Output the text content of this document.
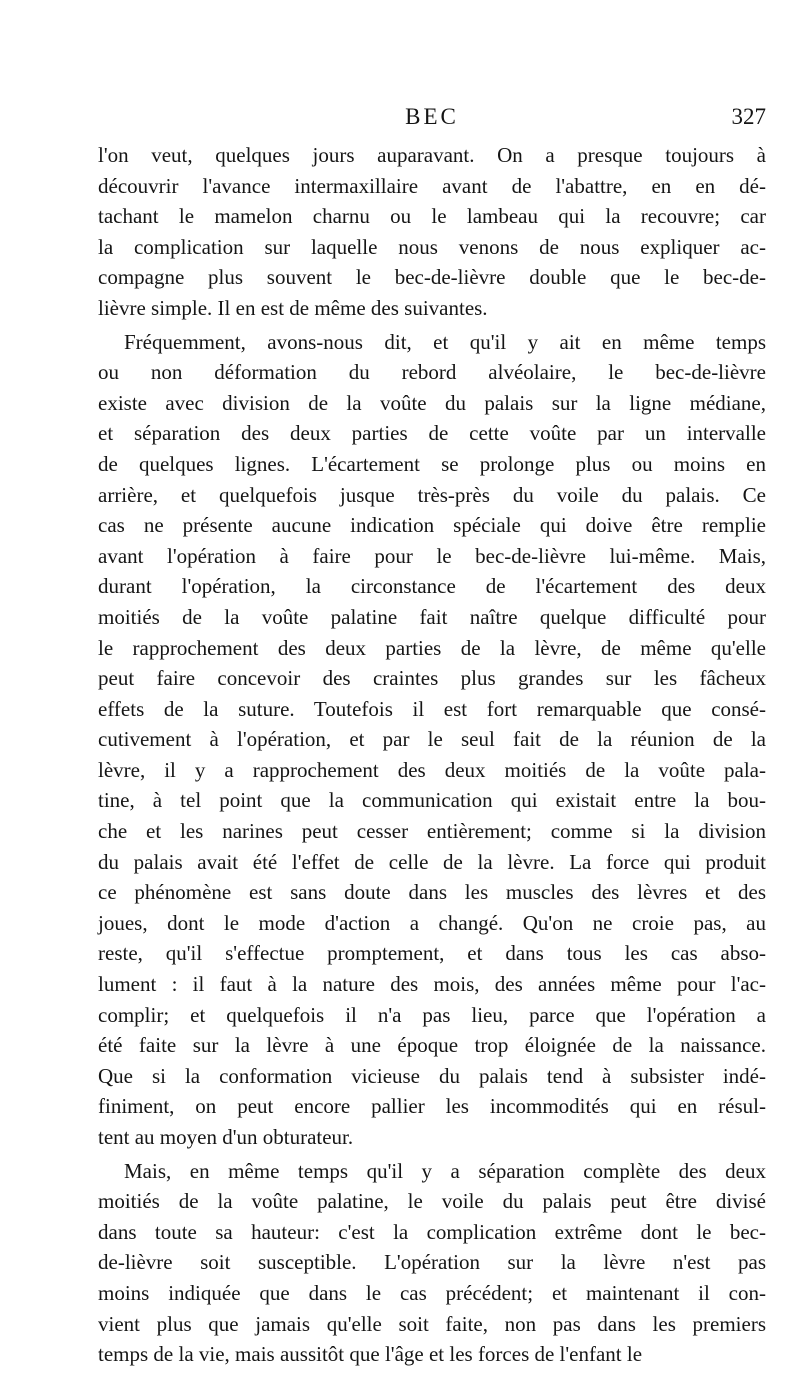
BEC	327
l'on veut, quelques jours auparavant. On a presque toujours à
découvrir l'avance intermaxillaire avant de l'abattre, en en dé-
tachant le mamelon charnu ou le lambeau qui la recouvre; car
la complication sur laquelle nous venons de nous expliquer ac-
compagne plus souvent le bec-de-lièvre double que le bec-de-
lièvre simple. Il en est de même des suivantes.
Fréquemment, avons-nous dit, et qu'il y ait en même temps
ou non déformation du rebord alvéolaire, le bec-de-lièvre
existe avec division de la voûte du palais sur la ligne médiane,
et séparation des deux parties de cette voûte par un intervalle
de quelques lignes. L'écartement se prolonge plus ou moins en
arrière, et quelquefois jusque très-près du voile du palais. Ce
cas ne présente aucune indication spéciale qui doive être remplie
avant l'opération à faire pour le bec-de-lièvre lui-même. Mais,
durant l'opération, la circonstance de l'écartement des deux
moitiés de la voûte palatine fait naître quelque difficulté pour
le rapprochement des deux parties de la lèvre, de même qu'elle
peut faire concevoir des craintes plus grandes sur les fâcheux
effets de la suture. Toutefois il est fort remarquable que consé-
cutivement à l'opération, et par le seul fait de la réunion de la
lèvre, il y a rapprochement des deux moitiés de la voûte pala-
tine, à tel point que la communication qui existait entre la bou-
che et les narines peut cesser entièrement; comme si la division
du palais avait été l'effet de celle de la lèvre. La force qui produit
ce phénomène est sans doute dans les muscles des lèvres et des
joues, dont le mode d'action a changé. Qu'on ne croie pas, au
reste, qu'il s'effectue promptement, et dans tous les cas abso-
lument : il faut à la nature des mois, des années même pour l'ac-
complir; et quelquefois il n'a pas lieu, parce que l'opération a
été faite sur la lèvre à une époque trop éloignée de la naissance.
Que si la conformation vicieuse du palais tend à subsister indé-
finiment, on peut encore pallier les incommodités qui en résul-
tent au moyen d'un obturateur.
Mais, en même temps qu'il y a séparation complète des deux
moitiés de la voûte palatine, le voile du palais peut être divisé
dans toute sa hauteur: c'est la complication extrême dont le bec-
de-lièvre soit susceptible. L'opération sur la lèvre n'est pas
moins indiquée que dans le cas précédent; et maintenant il con-
vient plus que jamais qu'elle soit faite, non pas dans les premiers
temps de la vie, mais aussitôt que l'âge et les forces de l'enfant le
